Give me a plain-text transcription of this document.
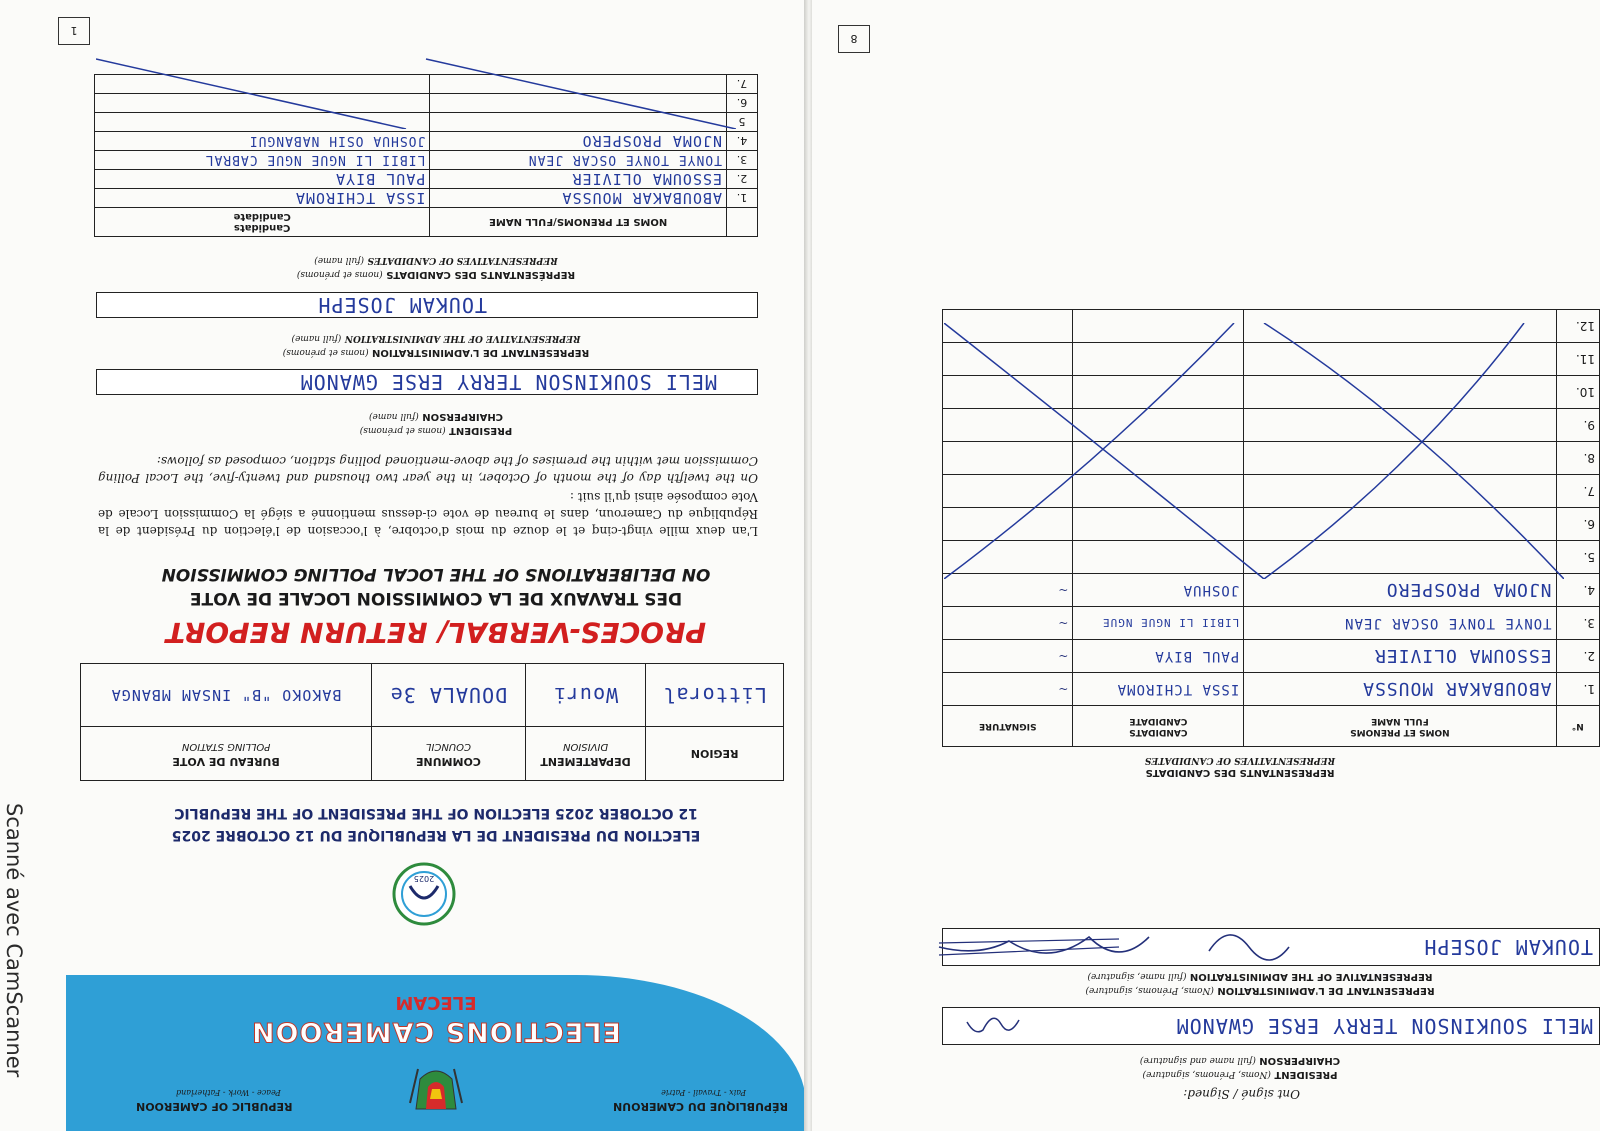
RÉPUBLIQUE DU CAMEROUN
Paix - Travail - Patrie
REPUBLIC OF CAMEROON
Peace - Work - Fatherland
ELECTIONS CAMEROON
ELECAM
2025
ELECTION DU PRESIDENT DE LA REPUBLIQUE DU 12 OCTOBRE 2025
12 OCTOBER 2025 ELECTION OF THE PRESIDENT OF THE REPUBLIC
REGION	DEPARTEMENT
DIVISION	COMMUNE
COUNCIL	BUREAU DE VOTE
POLLING STATION
Littoral	Wouri	DOUALA 3e	BAKOKO "B" INSAM MBANGA
PROCES-VERBAL/ RETURN REPORT
DES TRAVAUX DE LA COMMISSION LOCALE DE VOTE
ON DELIBERATIONS OF THE LOCAL POLLING COMMISSION

L'an deux mille vingt-cinq et le douze du mois d'octobre, à l'occasion de l'élection du Président de la République du Cameroun, dans le bureau de vote ci-dessus mentionné a siégé la Commission Locale de Vote composée ainsi qu'il suit :

On the twelfth day of the month of October, in the year two thousand and twenty-five, the Local Polling Commission met within the premises of the above-mentioned polling station, composed as follows:

PRESIDENT (noms et prénoms)
CHAIRPERSON (full name)
MELI SOUKINSON TERRY ERSE GWANOM
REPRESENTANT DE L'ADMINISTRATION (noms et prénoms)
REPRESENTATIVE OF THE ADMINISTRATION (full name)
TOUKAM JOSEPH
REPRÉSENTANTS DES CANDIDATS (noms et prénoms)
REPRESENTATIVES OF CANDIDATES (full name)
	NOMS ET PRENOMS/FULL NAME	Candidats
Candidate
1.	ABOUBAKAR MOUSSA	ISSA TCHIROMA
2.	ESSOUMA OLIVIER	PAUL BIYA
3.	TONYE TONYE OSCAR JEAN	LIBII LI NGUE NGUE CABRAL
4.	NJOMA PROSPERO	JOSHUA OSIH NABANGUI
5		
6.		
7.		
1
Ont signé / Signed:
PRESIDENT (Noms, Prénoms, signature)
CHAIRPERSON (full name and signature)
MELI SOUKINSON TERRY ERSE GWANOM
REPRESENTANT DE L'ADMINISTRATION (Noms, Prénoms, signature)
REPRESENTATIVE OF THE ADMINISTRATION (full name, signature)
TOUKAM JOSEPH
REPRESENTANTS DES CANDIDATS
REPRESENTATIVES OF CANDIDATES
N°	NOMS ET PRENOMS
FULL NAME	CANDIDATS
CANDIDATE	SIGNATURE
1.	ABOUBAKAR MOUSSA	ISSA TCHIROMA	~
2.	ESSOUMA OLIVIER	PAUL BIYA	~
3.	TONYE TONYE OSCAR JEAN	LIBII LI NGUE NGUE	~
4.	NJOMA PROSPERO	JOSHUA	~
5.			
6.			
7.			
8.			
9.			
10.			
11.			
12.			
8
Scanné avec CamScanner
